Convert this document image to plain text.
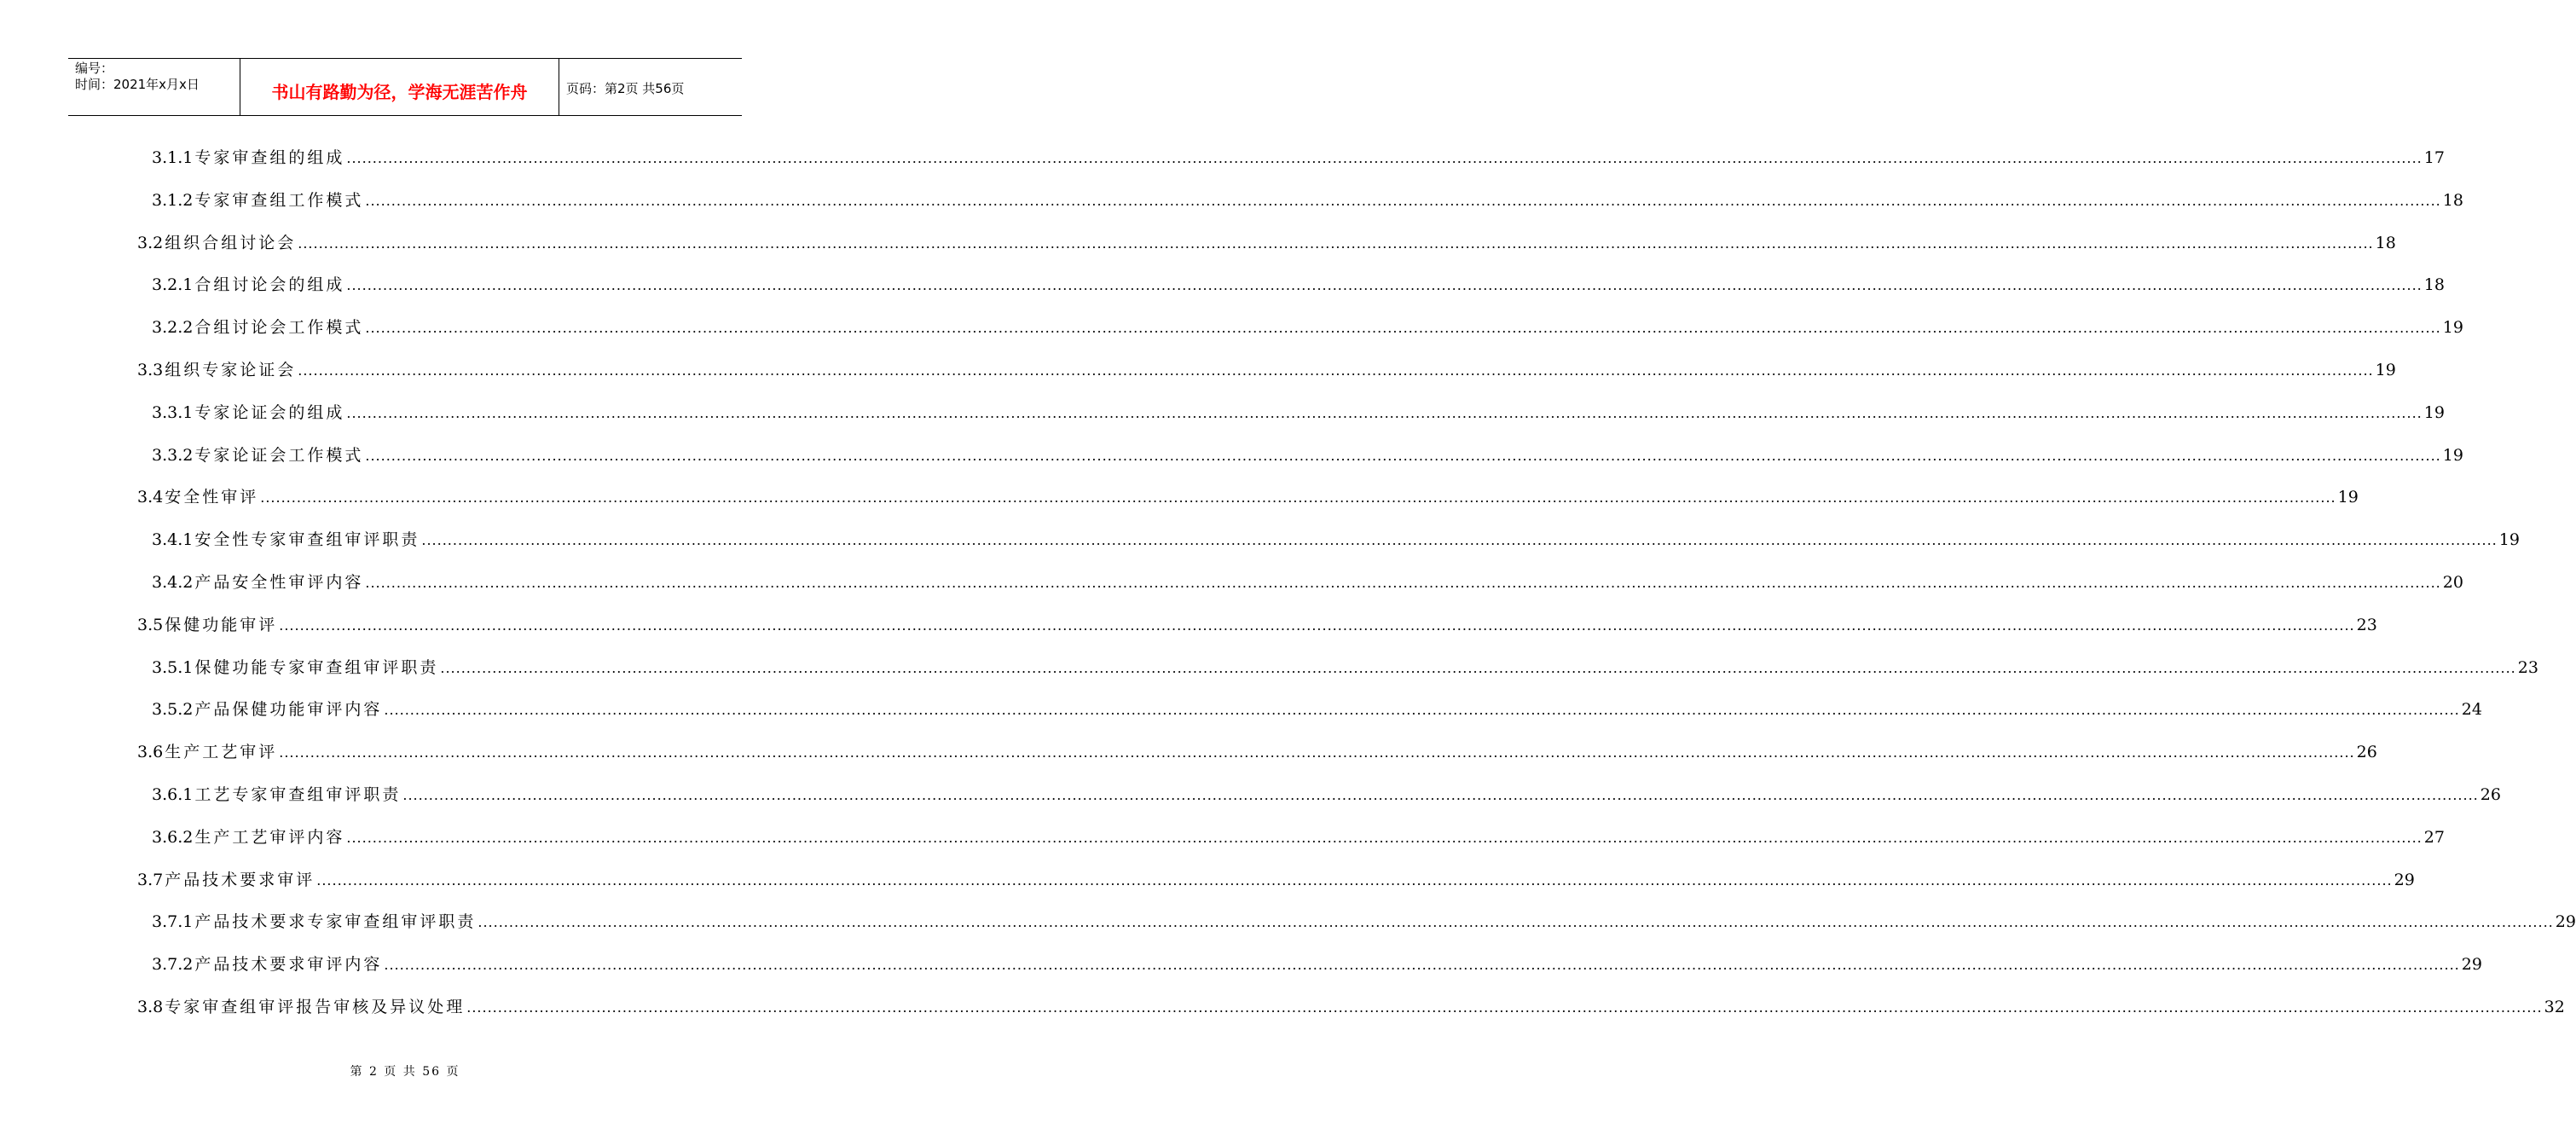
编号：
时间：2021年x月x日	书山有路勤为径，学海无涯苦作舟	页码：第2页 共56页
3.1.1 专家审查组的组成 ................................................................................................................................................................................................................................................................................................................................................................................................................ 17
3.1.2 专家审查组工作模式 ................................................................................................................................................................................................................................................................................................................................................................................................................ 18
3.2 组织合组讨论会 ................................................................................................................................................................................................................................................................................................................................................................................................................ 18
3.2.1 合组讨论会的组成 ................................................................................................................................................................................................................................................................................................................................................................................................................ 18
3.2.2 合组讨论会工作模式 ................................................................................................................................................................................................................................................................................................................................................................................................................ 19
3.3 组织专家论证会 ................................................................................................................................................................................................................................................................................................................................................................................................................ 19
3.3.1 专家论证会的组成 ................................................................................................................................................................................................................................................................................................................................................................................................................ 19
3.3.2 专家论证会工作模式 ................................................................................................................................................................................................................................................................................................................................................................................................................ 19
3.4 安全性审评 ................................................................................................................................................................................................................................................................................................................................................................................................................ 19
3.4.1 安全性专家审查组审评职责 ................................................................................................................................................................................................................................................................................................................................................................................................................ 19
3.4.2 产品安全性审评内容 ................................................................................................................................................................................................................................................................................................................................................................................................................ 20
3.5 保健功能审评 ................................................................................................................................................................................................................................................................................................................................................................................................................ 23
3.5.1 保健功能专家审查组审评职责 ................................................................................................................................................................................................................................................................................................................................................................................................................ 23
3.5.2 产品保健功能审评内容 ................................................................................................................................................................................................................................................................................................................................................................................................................ 24
3.6 生产工艺审评 ................................................................................................................................................................................................................................................................................................................................................................................................................ 26
3.6.1 工艺专家审查组审评职责 ................................................................................................................................................................................................................................................................................................................................................................................................................ 26
3.6.2 生产工艺审评内容 ................................................................................................................................................................................................................................................................................................................................................................................................................ 27
3.7 产品技术要求审评 ................................................................................................................................................................................................................................................................................................................................................................................................................ 29
3.7.1 产品技术要求专家审查组审评职责 ................................................................................................................................................................................................................................................................................................................................................................................................................ 29
3.7.2 产品技术要求审评内容 ................................................................................................................................................................................................................................................................................................................................................................................................................ 29
3.8 专家审查组审评报告审核及异议处理 ................................................................................................................................................................................................................................................................................................................................................................................................................ 32
第 2 页 共 56 页
